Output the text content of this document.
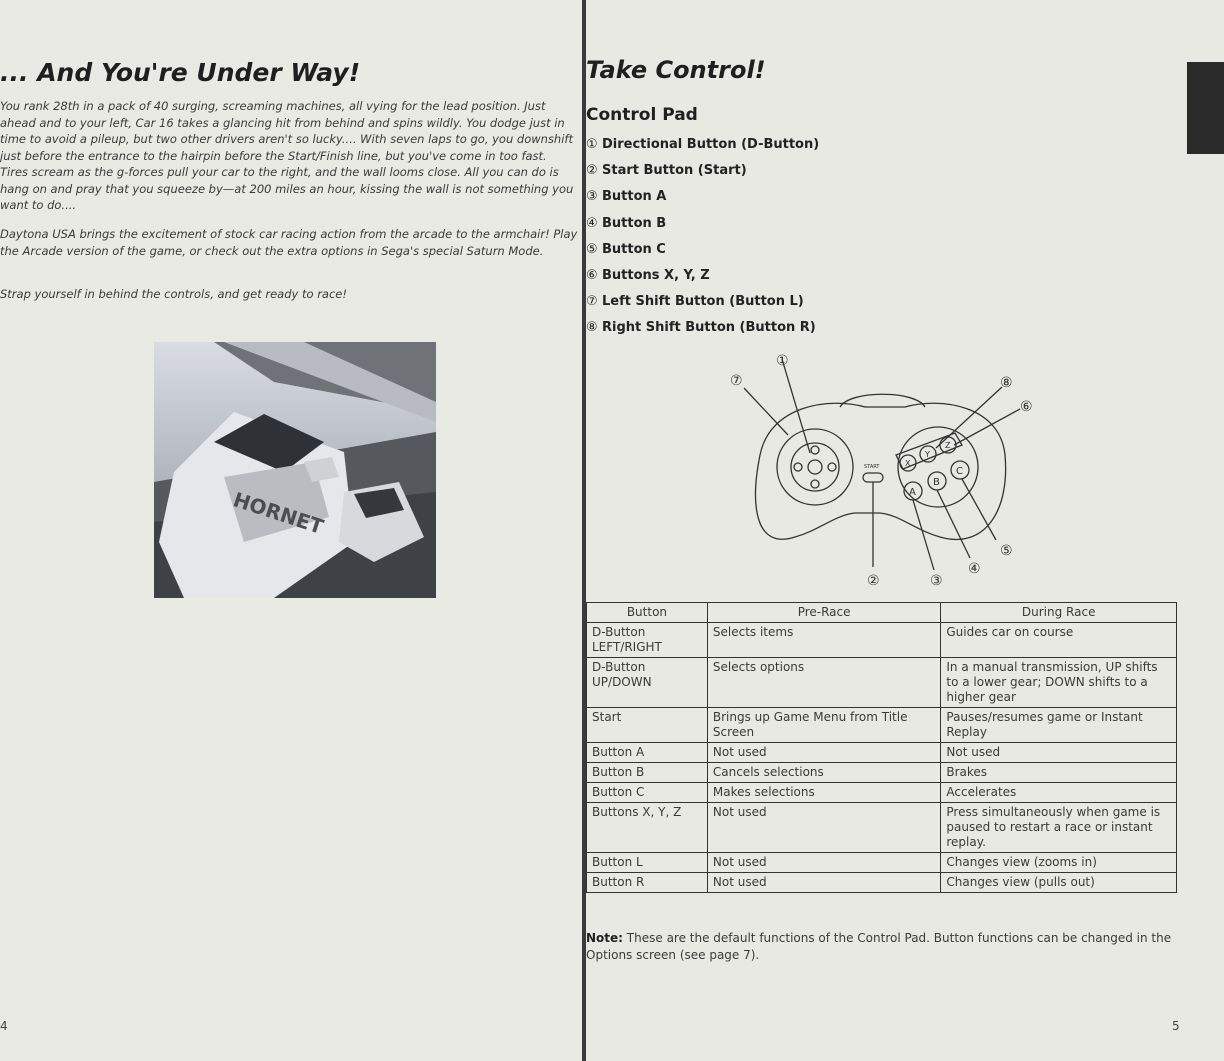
... And You're Under Way!

You rank 28th in a pack of 40 surging, screaming machines, all vying for the lead position. Just ahead and to your left, Car 16 takes a glancing hit from behind and spins wildly. You dodge just in time to avoid a pileup, but two other drivers aren't so lucky.... With seven laps to go, you downshift just before the entrance to the hairpin before the Start/Finish line, but you've come in too fast. Tires scream as the g-forces pull your car to the right, and the wall looms close. All you can do is hang on and pray that you squeeze by—at 200 miles an hour, kissing the wall is not something you want to do....

Daytona USA brings the excitement of stock car racing action from the arcade to the armchair! Play the Arcade version of the game, or check out the extra options in Sega's special Saturn Mode.

Strap yourself in behind the controls, and get ready to race!

HORNET
4
Take Control!
Control Pad
① Directional Button (D-Button)
② Start Button (Start)
③ Button A
④ Button B
⑤ Button C
⑥ Buttons X, Y, Z
⑦ Left Shift Button (Button L)
⑧ Right Shift Button (Button R)
START
A
B
C
X
Y
Z
①
⑦	⑧
⑥
⑤
④
③
②
Button	Pre-Race	During Race
D-Button LEFT/RIGHT	Selects items	Guides car on course
D-Button UP/DOWN	Selects options	In a manual transmission, UP shifts to a lower gear; DOWN shifts to a higher gear
Start	Brings up Game Menu from Title Screen	Pauses/resumes game or Instant Replay
Button A	Not used	Not used
Button B	Cancels selections	Brakes
Button C	Makes selections	Accelerates
Buttons X, Y, Z	Not used	Press simultaneously when game is paused to restart a race or instant replay.
Button L	Not used	Changes view (zooms in)
Button R	Not used	Changes view (pulls out)

Note: These are the default functions of the Control Pad. Button functions can be changed in the Options screen (see page 7).

5
